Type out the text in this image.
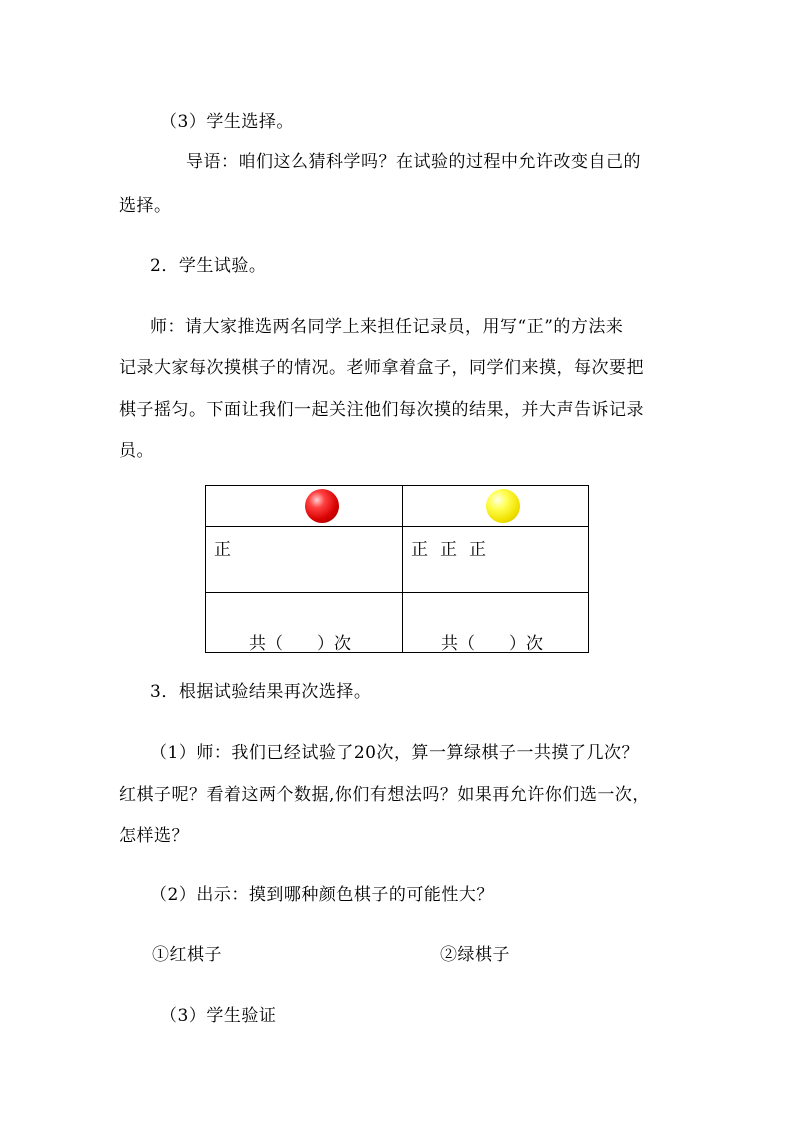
（3）学生选择。
导语：咱们这么猜科学吗？在试验的过程中允许改变自己的
选择。
2．学生试验。
师：请大家推选两名同学上来担任记录员，用写“正”的方法来
记录大家每次摸棋子的情况。老师拿着盒子，同学们来摸，每次要把
棋子摇匀。下面让我们一起关注他们每次摸的结果，并大声告诉记录
员。

正	正 正 正

共（　　）次	共（　　）次
3．根据试验结果再次选择。
（1）师：我们已经试验了20次，算一算绿棋子一共摸了几次？
红棋子呢？看着这两个数据,你们有想法吗？如果再允许你们选一次，
怎样选？
（2）出示：摸到哪种颜色棋子的可能性大？
①红棋子	②绿棋子
（3）学生验证
